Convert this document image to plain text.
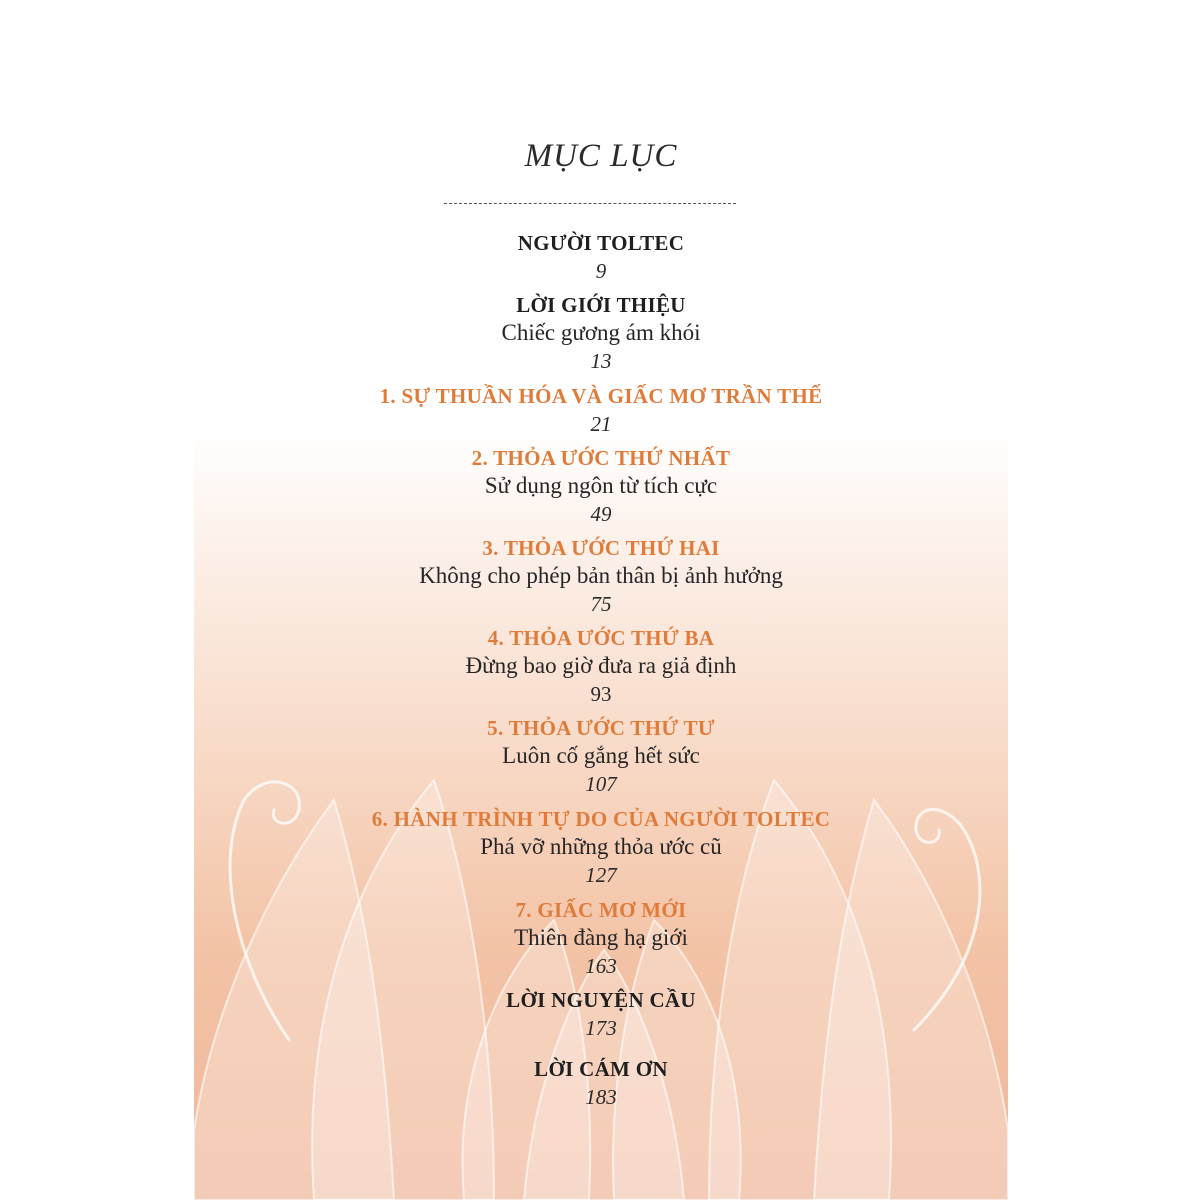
MỤC LỤC
NGƯỜI TOLTEC
9
LỜI GIỚI THIỆU
Chiếc gương ám khói
13
1. SỰ THUẦN HÓA VÀ GIẤC MƠ TRẦN THẾ
21
2. THỎA ƯỚC THỨ NHẤT
Sử dụng ngôn từ tích cực
49
3. THỎA ƯỚC THỨ HAI
Không cho phép bản thân bị ảnh hưởng
75
4. THỎA ƯỚC THỨ BA
Đừng bao giờ đưa ra giả định
93
5. THỎA ƯỚC THỨ TƯ
Luôn cố gắng hết sức
107
6. HÀNH TRÌNH TỰ DO CỦA NGƯỜI TOLTEC
Phá vỡ những thỏa ước cũ
127
7. GIẤC MƠ MỚI
Thiên đàng hạ giới
163
LỜI NGUYỆN CẦU
173
LỜI CÁM ƠN
183
